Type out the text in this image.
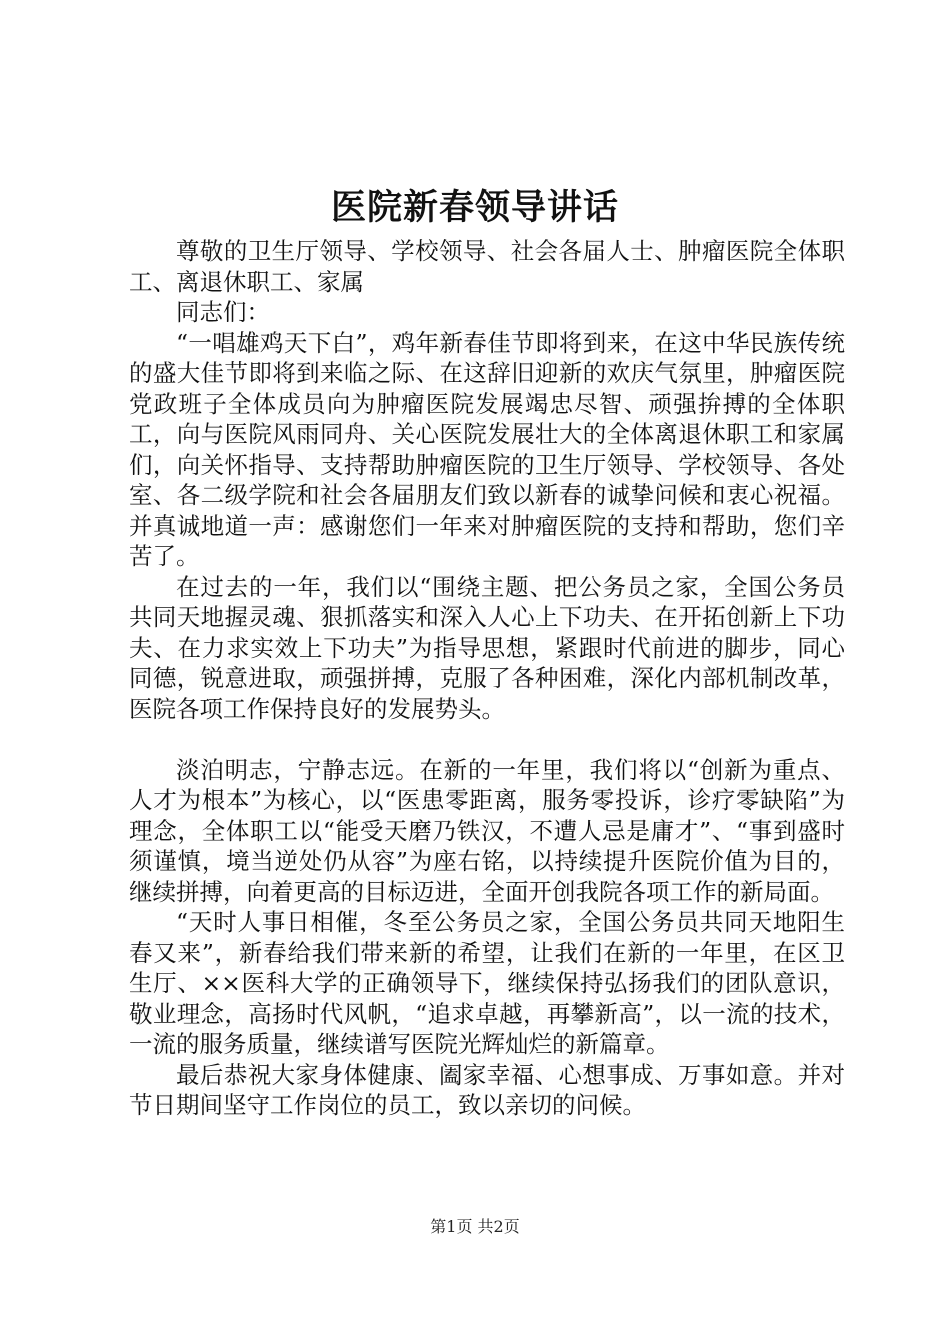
医院新春领导讲话

尊敬的卫生厅领导、学校领导、社会各届人士、肿瘤医院全体职工、离退休职工、家属

同志们：

“一唱雄鸡天下白”，鸡年新春佳节即将到来，在这中华民族传统的盛大佳节即将到来临之际、在这辞旧迎新的欢庆气氛里，肿瘤医院党政班子全体成员向为肿瘤医院发展竭忠尽智、顽强拚搏的全体职工，向与医院风雨同舟、关心医院发展壮大的全体离退休职工和家属们，向关怀指导、支持帮助肿瘤医院的卫生厅领导、学校领导、各处室、各二级学院和社会各届朋友们致以新春的诚挚问候和衷心祝福。并真诚地道一声：感谢您们一年来对肿瘤医院的支持和帮助，您们辛苦了。

在过去的一年，我们以“围绕主题、把公务员之家，全国公务员共同天地握灵魂、狠抓落实和深入人心上下功夫、在开拓创新上下功夫、在力求实效上下功夫”为指导思想，紧跟时代前进的脚步，同心同德，锐意进取，顽强拼搏，克服了各种困难，深化内部机制改革，医院各项工作保持良好的发展势头。

淡泊明志，宁静志远。在新的一年里，我们将以“创新为重点、人才为根本”为核心，以“医患零距离，服务零投诉，诊疗零缺陷”为理念，全体职工以“能受天磨乃铁汉，不遭人忌是庸才”、“事到盛时须谨慎，境当逆处仍从容”为座右铭，以持续提升医院价值为目的，继续拼搏，向着更高的目标迈进，全面开创我院各项工作的新局面。

“天时人事日相催，冬至公务员之家，全国公务员共同天地阳生春又来”，新春给我们带来新的希望，让我们在新的一年里，在区卫生厅、××医科大学的正确领导下，继续保持弘扬我们的团队意识，敬业理念，高扬时代风帆，“追求卓越，再攀新高”，以一流的技术，一流的服务质量，继续谱写医院光辉灿烂的新篇章。

最后恭祝大家身体健康、阖家幸福、心想事成、万事如意。并对节日期间坚守工作岗位的员工，致以亲切的问候。

第1页 共2页
